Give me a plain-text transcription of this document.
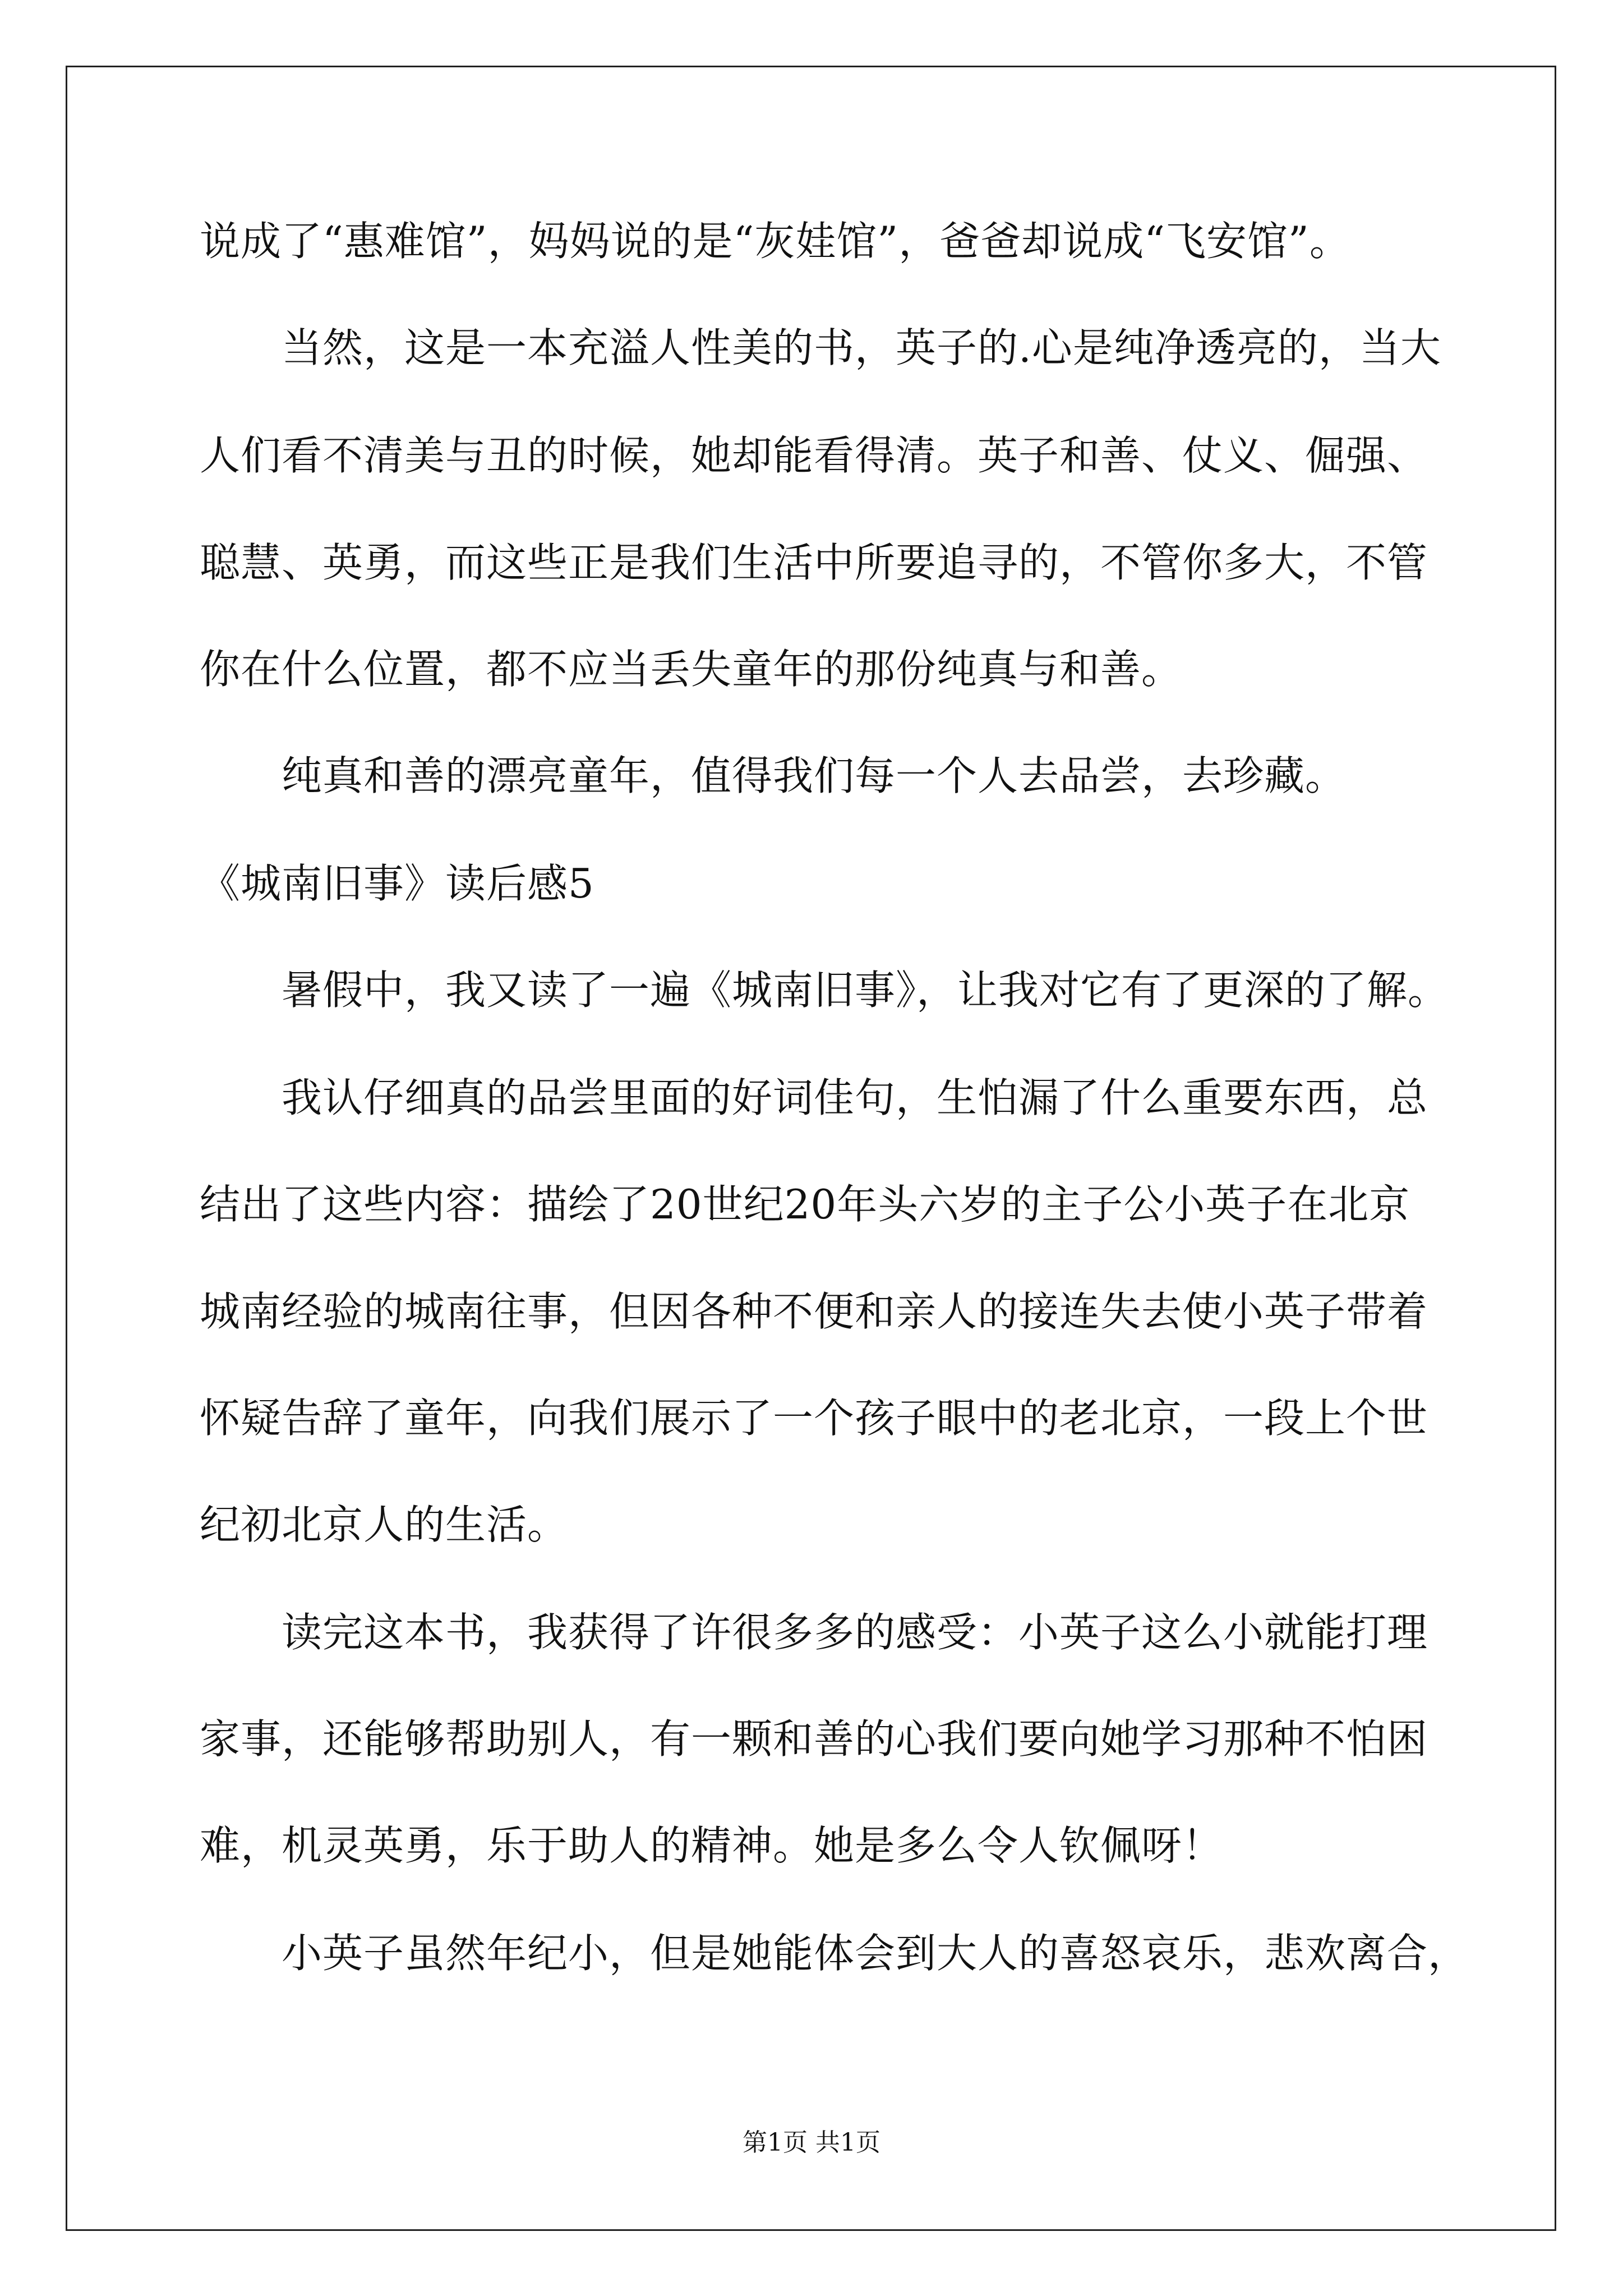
说成了“惠难馆”，妈妈说的是“灰娃馆”，爸爸却说成“飞安馆”。
当然，这是一本充溢人性美的书，英子的.心是纯净透亮的，当大
人们看不清美与丑的时候，她却能看得清。英子和善、仗义、倔强、
聪慧、英勇，而这些正是我们生活中所要追寻的，不管你多大，不管
你在什么位置，都不应当丢失童年的那份纯真与和善。
纯真和善的漂亮童年，值得我们每一个人去品尝，去珍藏。
《城南旧事》读后感5
暑假中，我又读了一遍《城南旧事》，让我对它有了更深的了解。
我认仔细真的品尝里面的好词佳句，生怕漏了什么重要东西，总
结出了这些内容：描绘了20世纪20年头六岁的主子公小英子在北京
城南经验的城南往事，但因各种不便和亲人的接连失去使小英子带着
怀疑告辞了童年，向我们展示了一个孩子眼中的老北京，一段上个世
纪初北京人的生活。
读完这本书，我获得了许很多多的感受：小英子这么小就能打理
家事，还能够帮助别人，有一颗和善的心我们要向她学习那种不怕困
难，机灵英勇，乐于助人的精神。她是多么令人钦佩呀！
小英子虽然年纪小，但是她能体会到大人的喜怒哀乐，悲欢离合，
第1页 共1页
